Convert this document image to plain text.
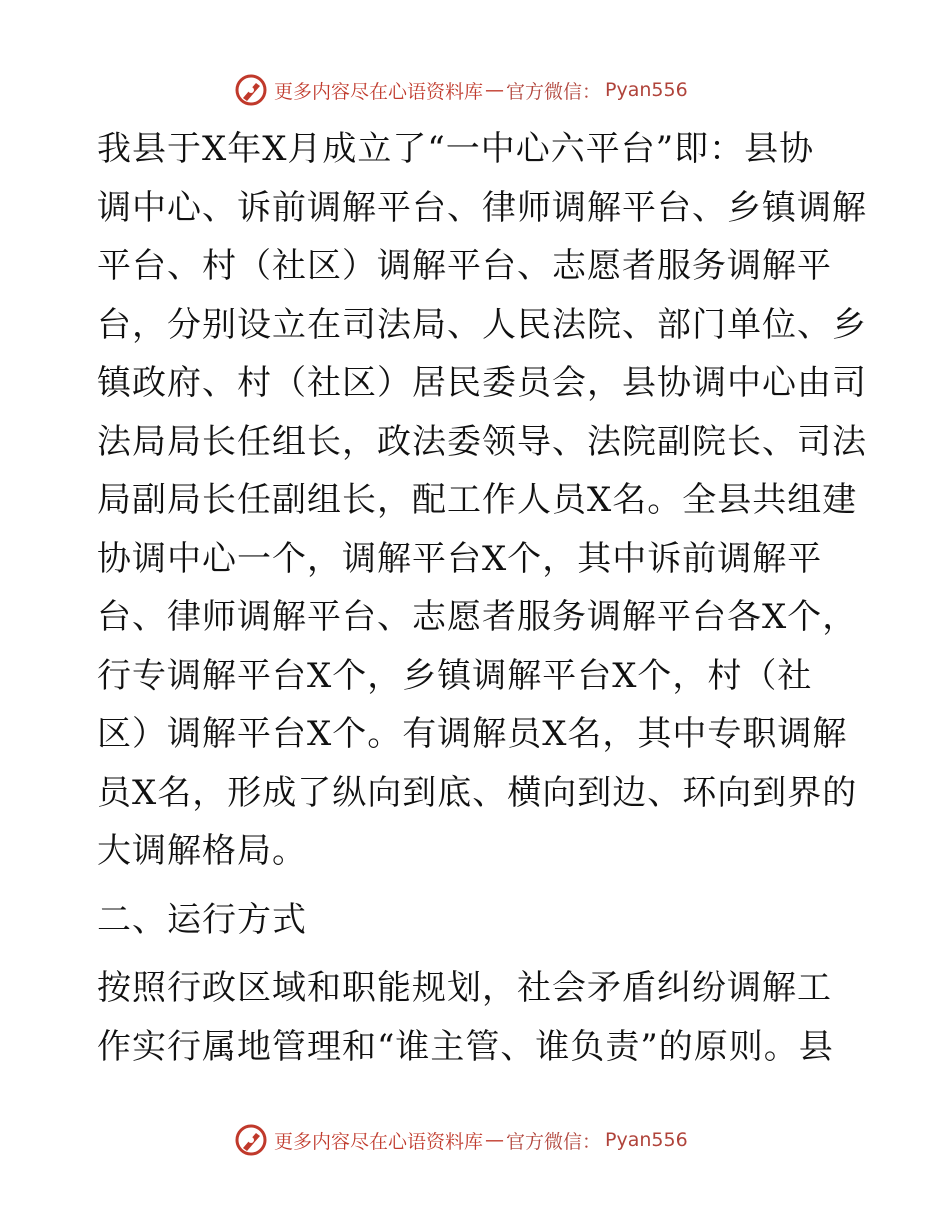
更多内容尽在心语资料库 — 官方微信： Pyan556

我县于X年X月成立了“一中心六平台”即：县协
调中心、诉前调解平台、律师调解平台、乡镇调解
平台、村（社区）调解平台、志愿者服务调解平
台，分别设立在司法局、人民法院、部门单位、乡
镇政府、村（社区）居民委员会，县协调中心由司
法局局长任组长，政法委领导、法院副院长、司法
局副局长任副组长，配工作人员X名。全县共组建
协调中心一个，调解平台X个，其中诉前调解平
台、律师调解平台、志愿者服务调解平台各X个，
行专调解平台X个，乡镇调解平台X个，村（社
区）调解平台X个。有调解员X名，其中专职调解
员X名，形成了纵向到底、横向到边、环向到界的
大调解格局。

二、运行方式

按照行政区域和职能规划，社会矛盾纠纷调解工
作实行属地管理和“谁主管、谁负责”的原则。县

更多内容尽在心语资料库 — 官方微信： Pyan556
